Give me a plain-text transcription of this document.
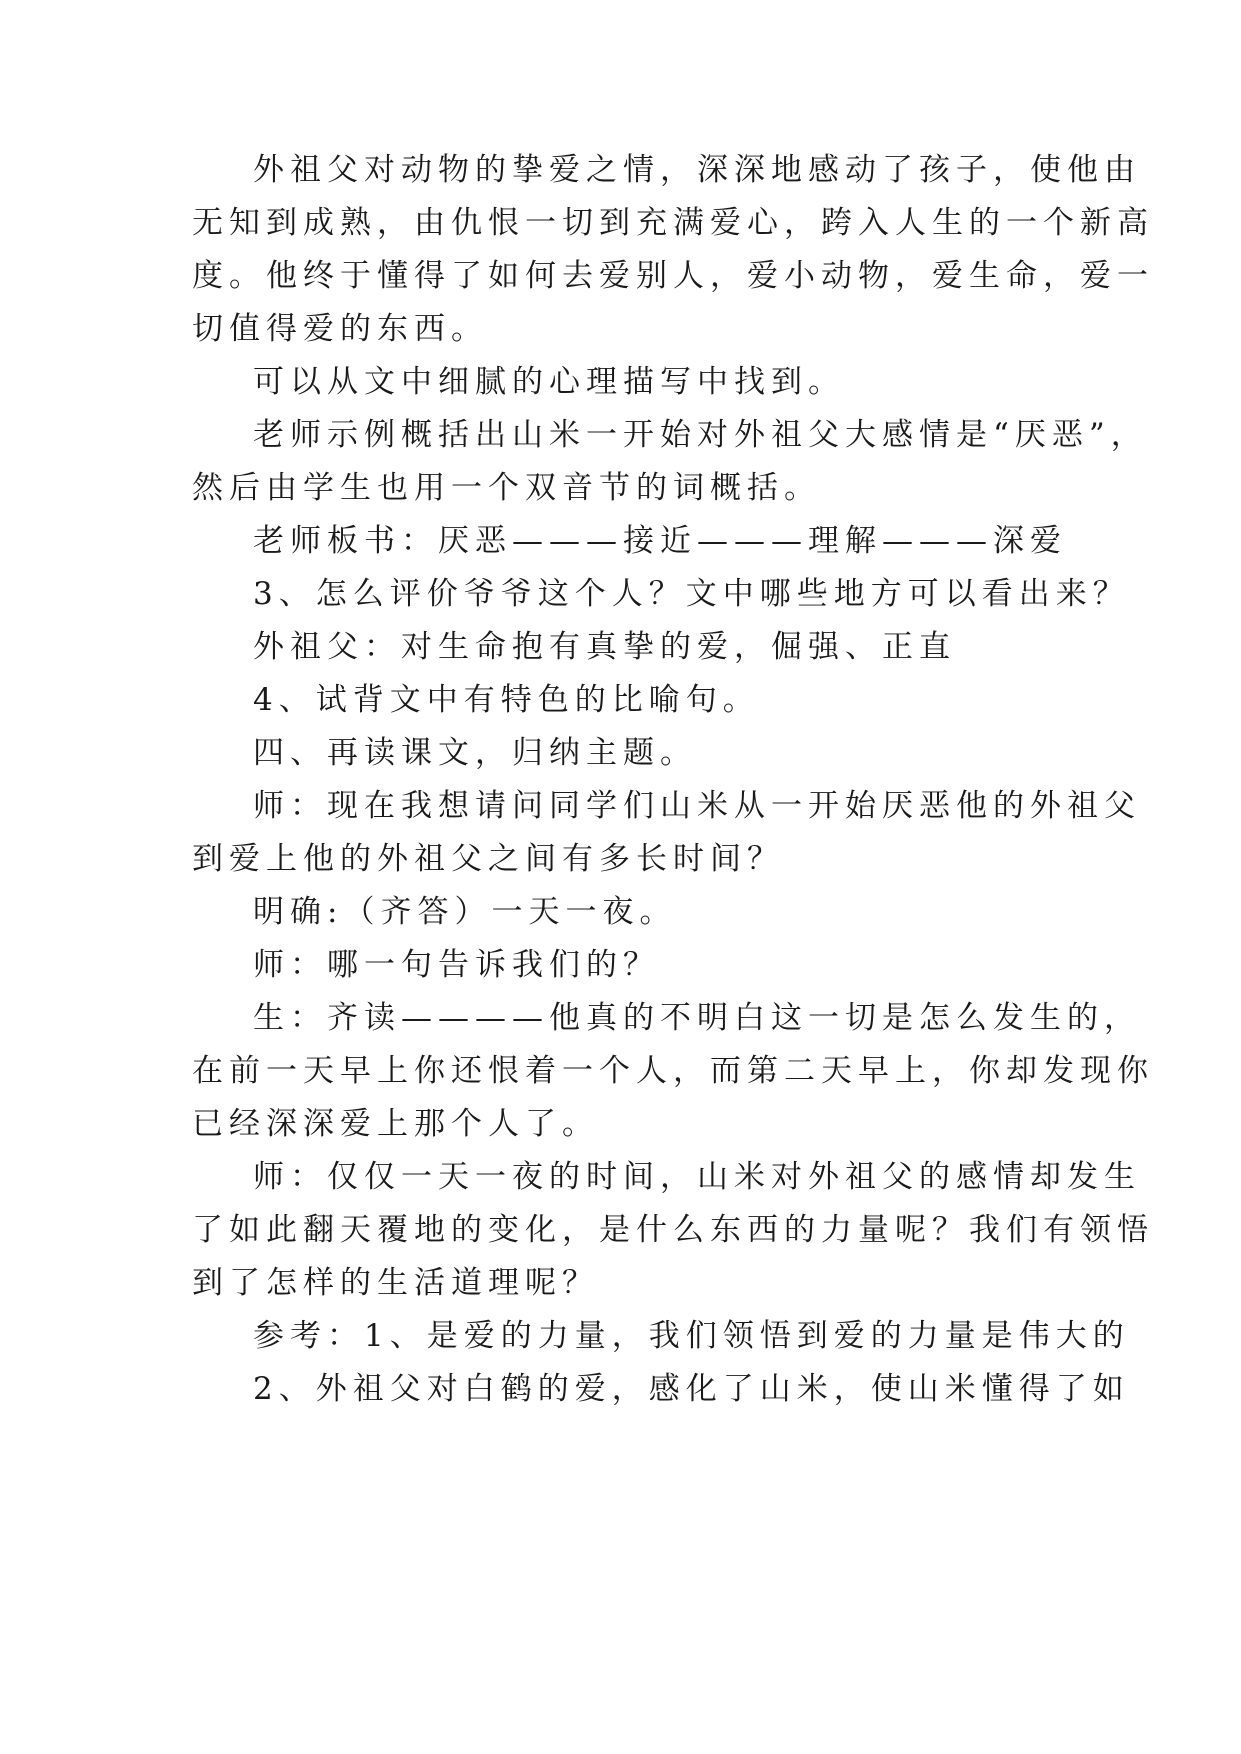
外祖父对动物的挚爱之情，深深地感动了孩子，使他由
无知到成熟，由仇恨一切到充满爱心，跨入人生的一个新高
度。他终于懂得了如何去爱别人，爱小动物，爱生命，爱一
切值得爱的东西。
可以从文中细腻的心理描写中找到。
老师示例概括出山米一开始对外祖父大感情是“厌恶”，
然后由学生也用一个双音节的词概括。
老师板书：厌恶———接近———理解———深爱
3、怎么评价爷爷这个人？文中哪些地方可以看出来？
外祖父：对生命抱有真挚的爱，倔强、正直
4、试背文中有特色的比喻句。
四、再读课文，归纳主题。
师：现在我想请问同学们山米从一开始厌恶他的外祖父
到爱上他的外祖父之间有多长时间？
明确:（齐答）一天一夜。
师：哪一句告诉我们的？
生：齐读————他真的不明白这一切是怎么发生的，
在前一天早上你还恨着一个人，而第二天早上，你却发现你
已经深深爱上那个人了。
师：仅仅一天一夜的时间，山米对外祖父的感情却发生
了如此翻天覆地的变化，是什么东西的力量呢？我们有领悟
到了怎样的生活道理呢？
参考：1、是爱的力量，我们领悟到爱的力量是伟大的
2、外祖父对白鹤的爱，感化了山米，使山米懂得了如
